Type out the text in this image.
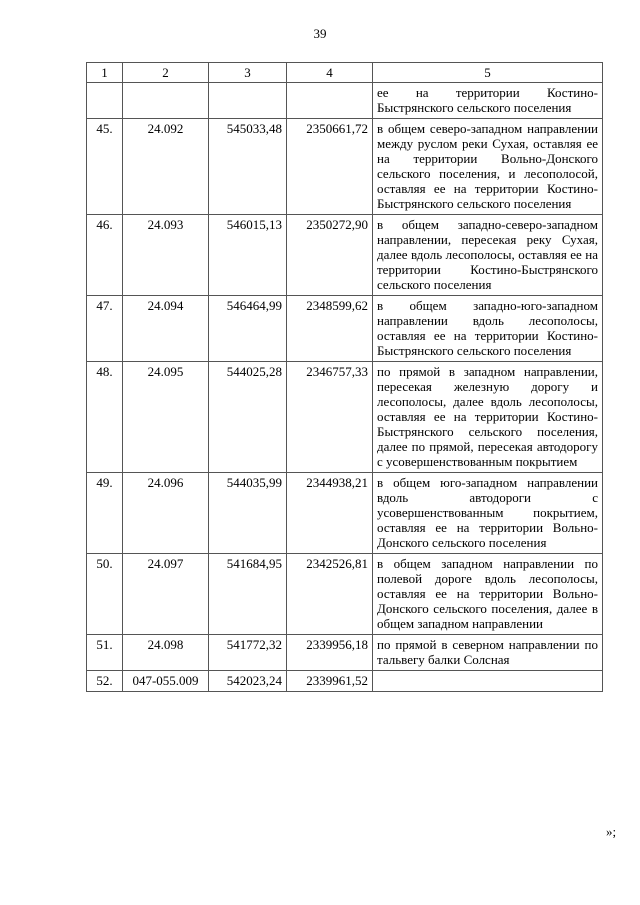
39
1	2	3	4	5
				ее на территории Костино-Быстрянского сельского поселения
45.	24.092	545033,48	2350661,72	в общем северо-западном направлении между руслом реки Сухая, оставляя ее на территории Вольно-Донского сельского поселения, и лесополосой, оставляя ее на территории Костино-Быстрянского сельского поселения
46.	24.093	546015,13	2350272,90	в общем западно-северо-западном направлении, пересекая реку Сухая, далее вдоль лесополосы, оставляя ее на территории Костино-Быстрянского сельского поселения
47.	24.094	546464,99	2348599,62	в общем западно-юго-западном направлении вдоль лесополосы, оставляя ее на территории Костино-Быстрянского сельского поселения
48.	24.095	544025,28	2346757,33	по прямой в западном направлении, пересекая железную дорогу и лесополосы, далее вдоль лесополосы, оставляя ее на территории Костино-Быстрянского сельского поселения, далее по прямой, пересекая автодорогу с усовершенствованным покрытием
49.	24.096	544035,99	2344938,21	в общем юго-западном направлении вдоль автодороги с усовершенствованным покрытием, оставляя ее на территории Вольно-Донского сельского поселения
50.	24.097	541684,95	2342526,81	в общем западном направлении по полевой дороге вдоль лесополосы, оставляя ее на территории Вольно-Донского сельского поселения, далее в общем западном направлении
51.	24.098	541772,32	2339956,18	по прямой в северном направлении по тальвегу балки Солсная
52.	047-055.009	542023,24	2339961,52	
»;
